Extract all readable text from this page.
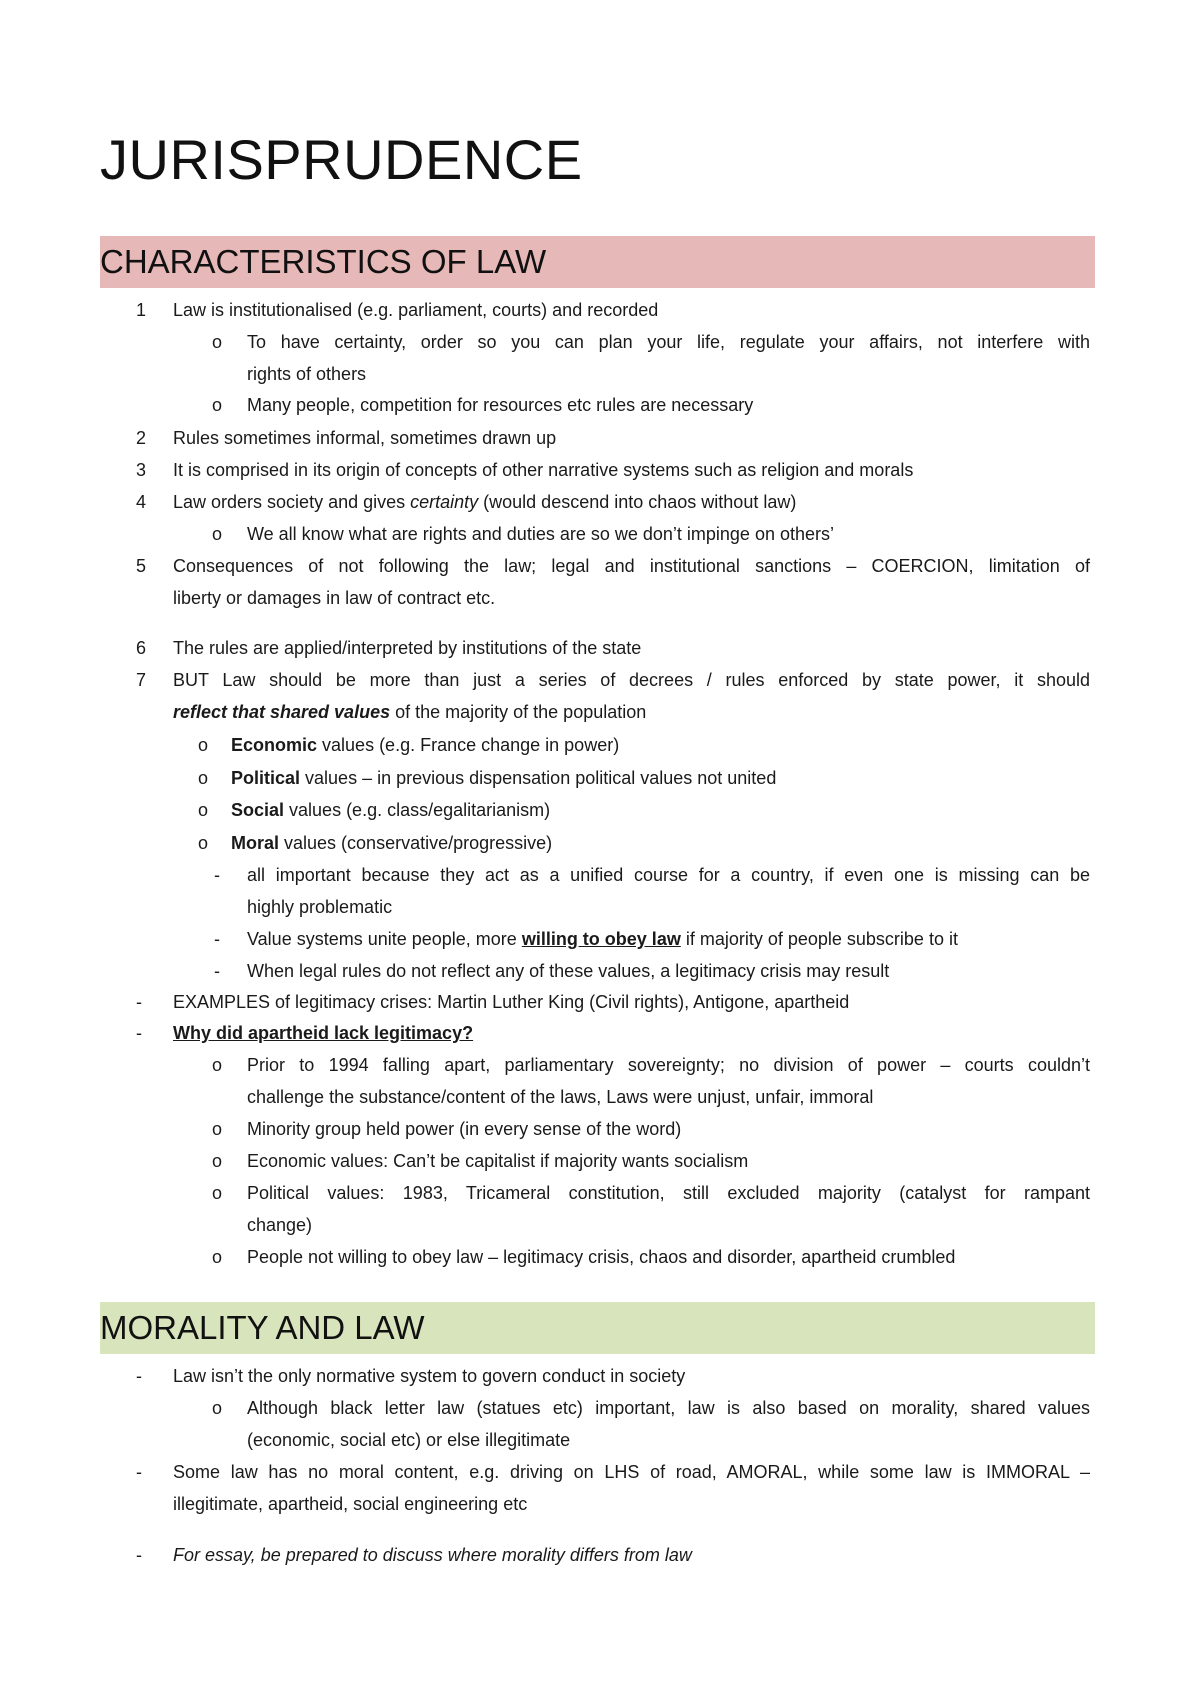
JURISPRUDENCE
CHARACTERISTICS OF LAW
1 Law is institutionalised (e.g. parliament, courts) and recorded
o To have certainty, order so you can plan your life, regulate your affairs, not interfere with
rights of others
o Many people, competition for resources etc rules are necessary
2 Rules sometimes informal, sometimes drawn up
3 It is comprised in its origin of concepts of other narrative systems such as religion and morals
4 Law orders society and gives certainty (would descend into chaos without law)
o We all know what are rights and duties are so we don’t impinge on others’
5 Consequences of not following the law; legal and institutional sanctions – COERCION, limitation of
liberty or damages in law of contract etc.
6 The rules are applied/interpreted by institutions of the state
7 BUT Law should be more than just a series of decrees / rules enforced by state power, it should
reflect that shared values of the majority of the population
o Economic values (e.g. France change in power)
o Political values – in previous dispensation political values not united
o Social values (e.g. class/egalitarianism)
o Moral values (conservative/progressive)
- all important because they act as a unified course for a country, if even one is missing can be
highly problematic
- Value systems unite people, more willing to obey law if majority of people subscribe to it
- When legal rules do not reflect any of these values, a legitimacy crisis may result
- EXAMPLES of legitimacy crises: Martin Luther King (Civil rights), Antigone, apartheid
- Why did apartheid lack legitimacy?
o Prior to 1994 falling apart, parliamentary sovereignty; no division of power – courts couldn’t
challenge the substance/content of the laws, Laws were unjust, unfair, immoral
o Minority group held power (in every sense of the word)
o Economic values: Can’t be capitalist if majority wants socialism
o Political values: 1983, Tricameral constitution, still excluded majority (catalyst for rampant
change)
o People not willing to obey law – legitimacy crisis, chaos and disorder, apartheid crumbled
MORALITY AND LAW
- Law isn’t the only normative system to govern conduct in society
o Although black letter law (statues etc) important, law is also based on morality, shared values
(economic, social etc) or else illegitimate
- Some law has no moral content, e.g. driving on LHS of road, AMORAL, while some law is IMMORAL –
illegitimate, apartheid, social engineering etc
- For essay, be prepared to discuss where morality differs from law
